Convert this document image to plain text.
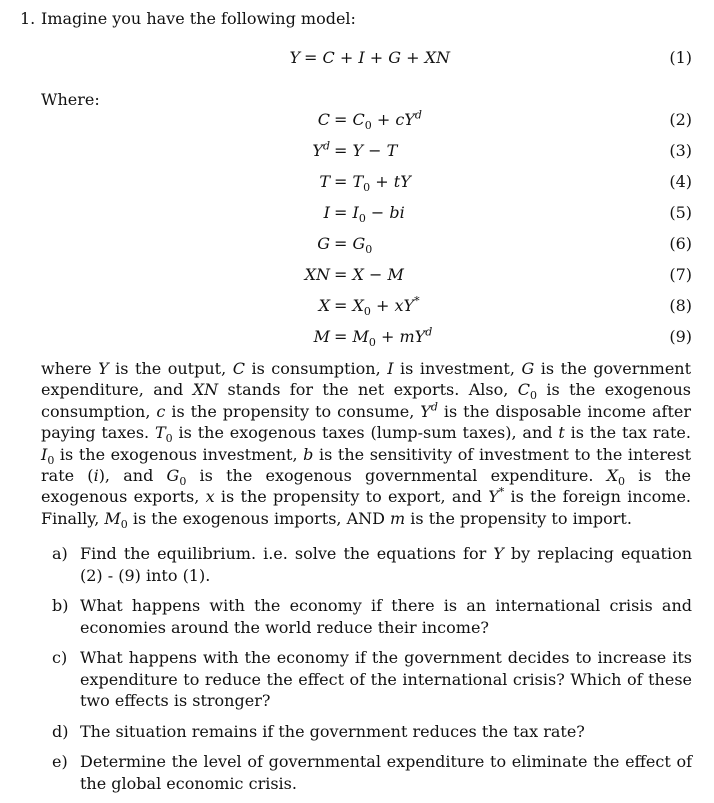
1. Imagine you have the following model:
Y = C + I + G + XN	(1)
Where:
$C = C_0 + cY^d$	(2)
$Y^d = Y - T$	(3)
$T = T_0$ + tY	(4)
$I = I_0$ − bi	(5)
$G = G_0$	(6)
XN = X − M	(7)
$X = X_0 + xY^*$	(8)
$M = M_0 + mY^d$	(9)
where Y is the output, C is consumption, I is investment, G is the government expenditure, and XN stands for the net exports. Also, $C_0$ is the exogenous consumption, c is the propensity to consume, $Y^d$ is the disposable income after paying taxes. $T_0$ is the exogenous taxes (lump-sum taxes), and t is the tax rate. $I_0$ is the exogenous investment, b is the sensitivity of investment to the interest rate (i), and $G_0$ is the exogenous governmental expenditure. $X_0$ is the exogenous exports, x is the propensity to export, and Y* is the foreign income. Finally, $M_0$ is the exogenous imports, AND m is the propensity to import.
a) Find the equilibrium. i.e. solve the equations for Y by replacing equation (2) - (9) into (1).
b) What happens with the economy if there is an international crisis and economies around the world reduce their income?
c) What happens with the economy if the government decides to increase its expenditure to reduce the effect of the international crisis? Which of these two effects is stronger?
d) The situation remains if the government reduces the tax rate?
e) Determine the level of governmental expenditure to eliminate the effect of the global economic crisis.
